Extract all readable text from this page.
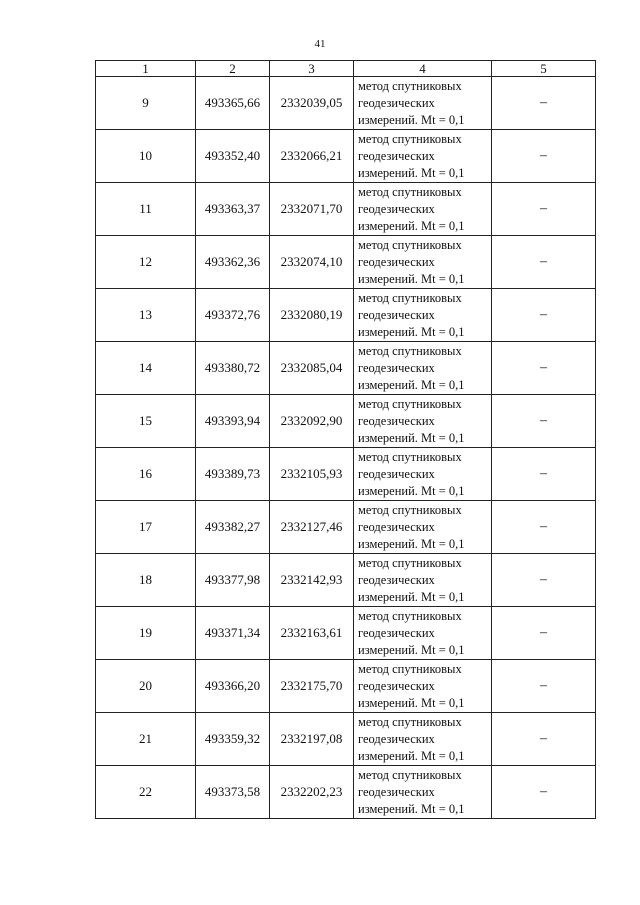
41
1	2	3	4	5
9	493365,66	2332039,05	метод спутниковых
геодезических
измерений. Mt = 0,1	–
10	493352,40	2332066,21	метод спутниковых
геодезических
измерений. Mt = 0,1	–
11	493363,37	2332071,70	метод спутниковых
геодезических
измерений. Mt = 0,1	–
12	493362,36	2332074,10	метод спутниковых
геодезических
измерений. Mt = 0,1	–
13	493372,76	2332080,19	метод спутниковых
геодезических
измерений. Mt = 0,1	–
14	493380,72	2332085,04	метод спутниковых
геодезических
измерений. Mt = 0,1	–
15	493393,94	2332092,90	метод спутниковых
геодезических
измерений. Mt = 0,1	–
16	493389,73	2332105,93	метод спутниковых
геодезических
измерений. Mt = 0,1	–
17	493382,27	2332127,46	метод спутниковых
геодезических
измерений. Mt = 0,1	–
18	493377,98	2332142,93	метод спутниковых
геодезических
измерений. Mt = 0,1	–
19	493371,34	2332163,61	метод спутниковых
геодезических
измерений. Mt = 0,1	–
20	493366,20	2332175,70	метод спутниковых
геодезических
измерений. Mt = 0,1	–
21	493359,32	2332197,08	метод спутниковых
геодезических
измерений. Mt = 0,1	–
22	493373,58	2332202,23	метод спутниковых
геодезических
измерений. Mt = 0,1	–
